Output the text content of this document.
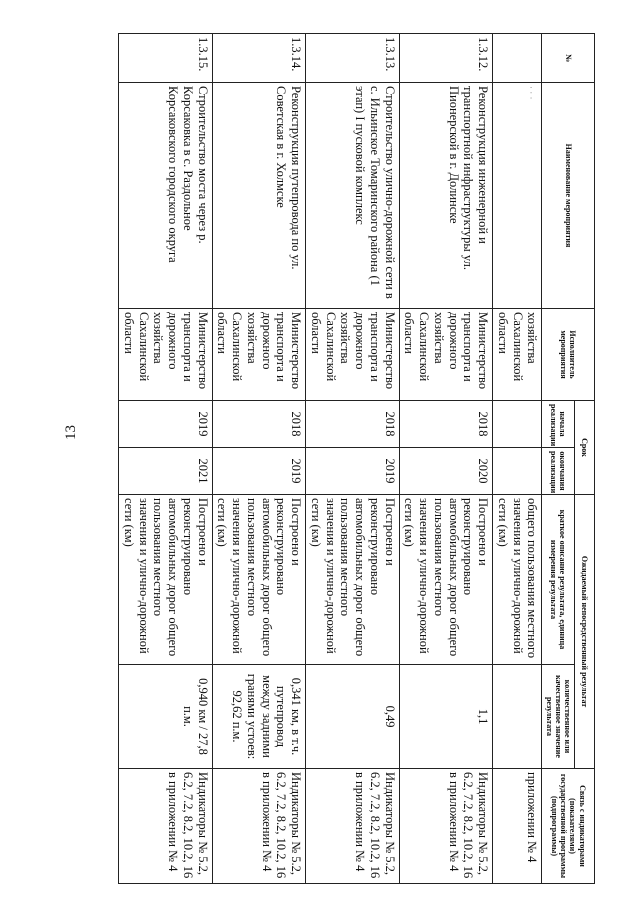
13
№	Наименование мероприятия	Исполнитель мероприятия	Срок		Ожидаемый непосредственный результат		Связь с индикаторами (показателями) государственной программы (подпрограммы)
			начала реализации	окончания реализации	краткое описание результата, единица измерения результата	количественное или качественное значение результата	
	· · ·	хозяйства Сахалинской области			общего пользования местного значения и улично-дорожной сети (км)		приложении № 4
1.3.12.	Реконструкция инженерной и транспортной инфраструктуры ул. Пионерской в г. Долинске	Министерство транспорта и дорожного хозяйства Сахалинской области	2018	2020	Построено и реконструировано автомобильных дорог общего пользования местного значения и улично-дорожной сети (км)	1,1	Индикаторы № 5.2, 6.2, 7.2, 8.2, 10.2, 16 в приложении № 4
1.3.13.	Строительство улично-дорожной сети в с. Ильинское Томаринского района (1 этап) I пусковой комплекс	Министерство транспорта и дорожного хозяйства Сахалинской области	2018	2019	Построено и реконструировано автомобильных дорог общего пользования местного значения и улично-дорожной сети (км)	0,49	Индикаторы № 5.2, 6.2, 7.2, 8.2, 10.2, 16 в приложении № 4
1.3.14.	Реконструкция путепровода по ул. Советская в г. Холмске	Министерство транспорта и дорожного хозяйства Сахалинской области	2018	2019	Построено и реконструировано автомобильных дорог общего пользования местного значения и улично-дорожной сети (км)	0,341 км, в т.ч. путепровод между задними гранями устоев: 92,62 п.м.	Индикаторы № 5.2, 6.2, 7.2, 8.2, 10.2, 16 в приложении № 4
1.3.15.	Строительство моста через р. Корсаковка в с. Раздольное Корсаковского городского округа	Министерство транспорта и дорожного хозяйства Сахалинской области	2019	2021	Построено и реконструировано автомобильных дорог общего пользования местного значения и улично-дорожной сети (км)	0,940 км / 27,8 п.м.	Индикаторы № 5.2, 6.2, 7.2, 8.2, 10.2, 16 в приложении № 4
